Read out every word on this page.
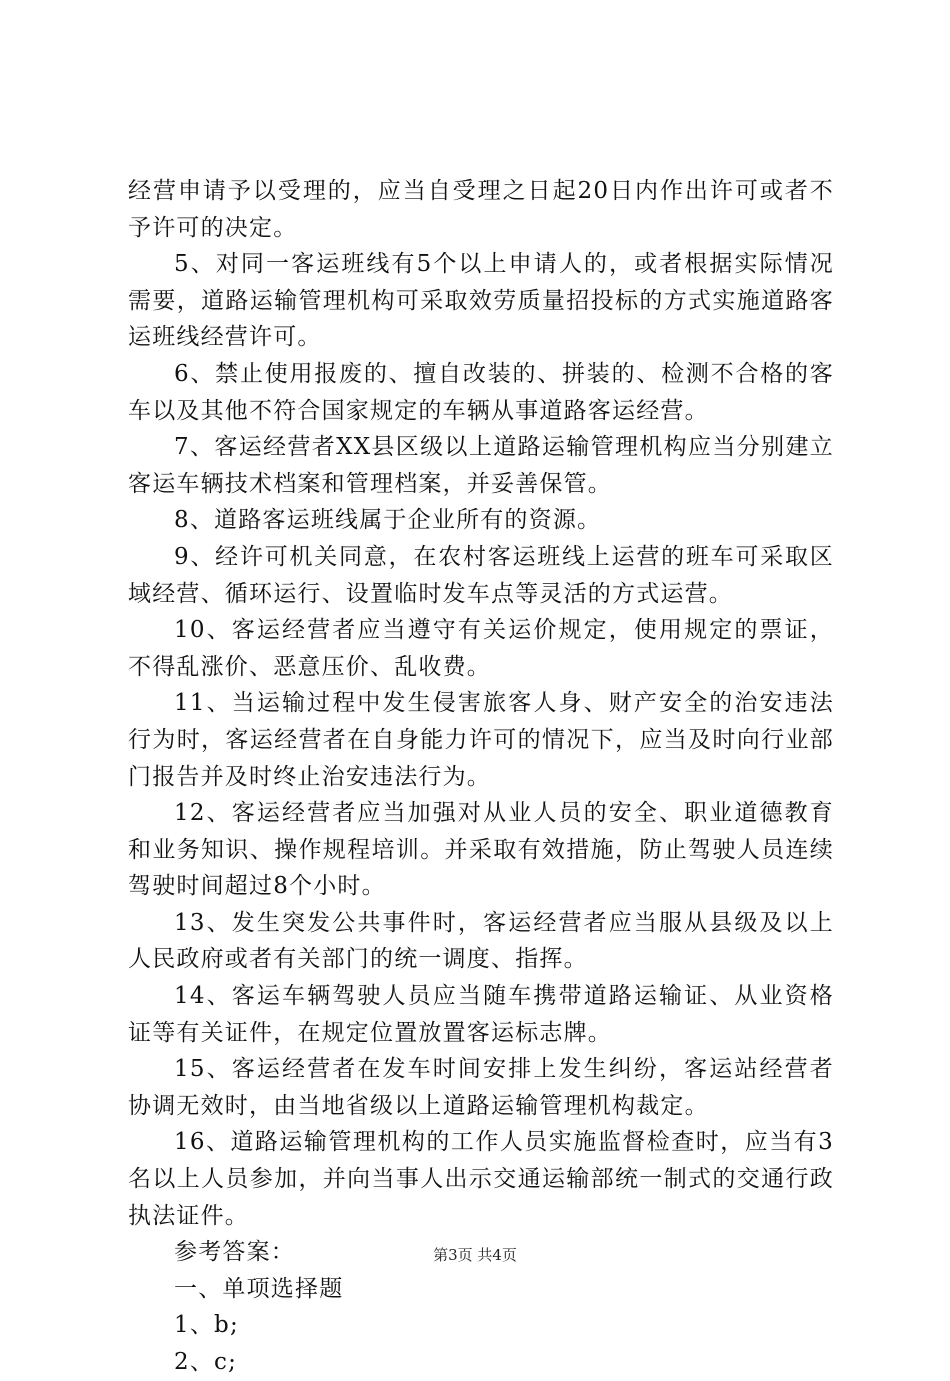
经营申请予以受理的，应当自受理之日起20日内作出许可或者不予许可的决定。

5、对同一客运班线有5个以上申请人的，或者根据实际情况需要，道路运输管理机构可采取效劳质量招投标的方式实施道路客运班线经营许可。

6、禁止使用报废的、擅自改装的、拼装的、检测不合格的客车以及其他不符合国家规定的车辆从事道路客运经营。

7、客运经营者XX县区级以上道路运输管理机构应当分别建立客运车辆技术档案和管理档案，并妥善保管。

8、道路客运班线属于企业所有的资源。

9、经许可机关同意，在农村客运班线上运营的班车可采取区域经营、循环运行、设置临时发车点等灵活的方式运营。

10、客运经营者应当遵守有关运价规定，使用规定的票证，不得乱涨价、恶意压价、乱收费。

11、当运输过程中发生侵害旅客人身、财产安全的治安违法行为时，客运经营者在自身能力许可的情况下，应当及时向行业部门报告并及时终止治安违法行为。

12、客运经营者应当加强对从业人员的安全、职业道德教育和业务知识、操作规程培训。并采取有效措施，防止驾驶人员连续驾驶时间超过8个小时。

13、发生突发公共事件时，客运经营者应当服从县级及以上人民政府或者有关部门的统一调度、指挥。

14、客运车辆驾驶人员应当随车携带道路运输证、从业资格证等有关证件，在规定位置放置客运标志牌。

15、客运经营者在发车时间安排上发生纠纷，客运站经营者协调无效时，由当地省级以上道路运输管理机构裁定。

16、道路运输管理机构的工作人员实施监督检查时，应当有3名以上人员参加，并向当事人出示交通运输部统一制式的交通行政执法证件。

参考答案：

一、单项选择题

1、b;

2、c;

第3页 共4页
